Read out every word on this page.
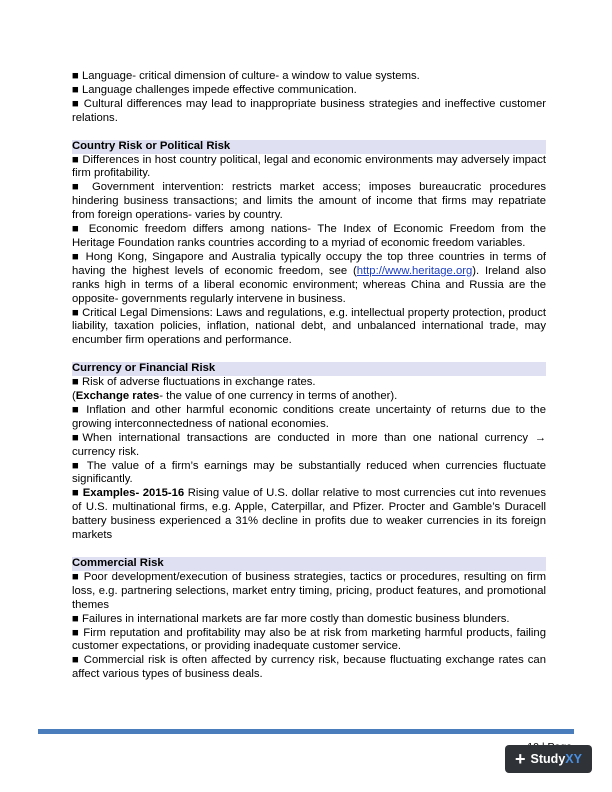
■ Language- critical dimension of culture- a window to value systems.

■ Language challenges impede effective communication.

■ Cultural differences may lead to inappropriate business strategies and ineffective customer relations.

Country Risk or Political Risk

■ Differences in host country political, legal and economic environments may adversely impact firm profitability.

■ Government intervention: restricts market access; imposes bureaucratic procedures hindering business transactions; and limits the amount of income that firms may repatriate from foreign operations- varies by country.

■ Economic freedom differs among nations- The Index of Economic Freedom from the Heritage Foundation ranks countries according to a myriad of economic freedom variables.

■ Hong Kong, Singapore and Australia typically occupy the top three countries in terms of having the highest levels of economic freedom, see (http://www.heritage.org). Ireland also ranks high in terms of a liberal economic environment; whereas China and Russia are the opposite- governments regularly intervene in business.

■ Critical Legal Dimensions: Laws and regulations, e.g. intellectual property protection, product liability, taxation policies, inflation, national debt, and unbalanced international trade, may encumber firm operations and performance.

Currency or Financial Risk

■ Risk of adverse fluctuations in exchange rates.

(Exchange rates- the value of one currency in terms of another).

■ Inflation and other harmful economic conditions create uncertainty of returns due to the growing interconnectedness of national economies.

■When international transactions are conducted in more than one national currency → currency risk.

■ The value of a firm’s earnings may be substantially reduced when currencies fluctuate significantly.

■ Examples- 2015-16 Rising value of U.S. dollar relative to most currencies cut into revenues of U.S. multinational firms, e.g. Apple, Caterpillar, and Pfizer. Procter and Gamble’s Duracell battery business experienced a 31% decline in profits due to weaker currencies in its foreign markets

Commercial Risk

■ Poor development/execution of business strategies, tactics or procedures, resulting on firm loss, e.g. partnering selections, market entry timing, pricing, product features, and promotional themes

■ Failures in international markets are far more costly than domestic business blunders.

■ Firm reputation and profitability may also be at risk from marketing harmful products, failing customer expectations, or providing inadequate customer service.

■ Commercial risk is often affected by currency risk, because fluctuating exchange rates can affect various types of business deals.

+ Study XY
